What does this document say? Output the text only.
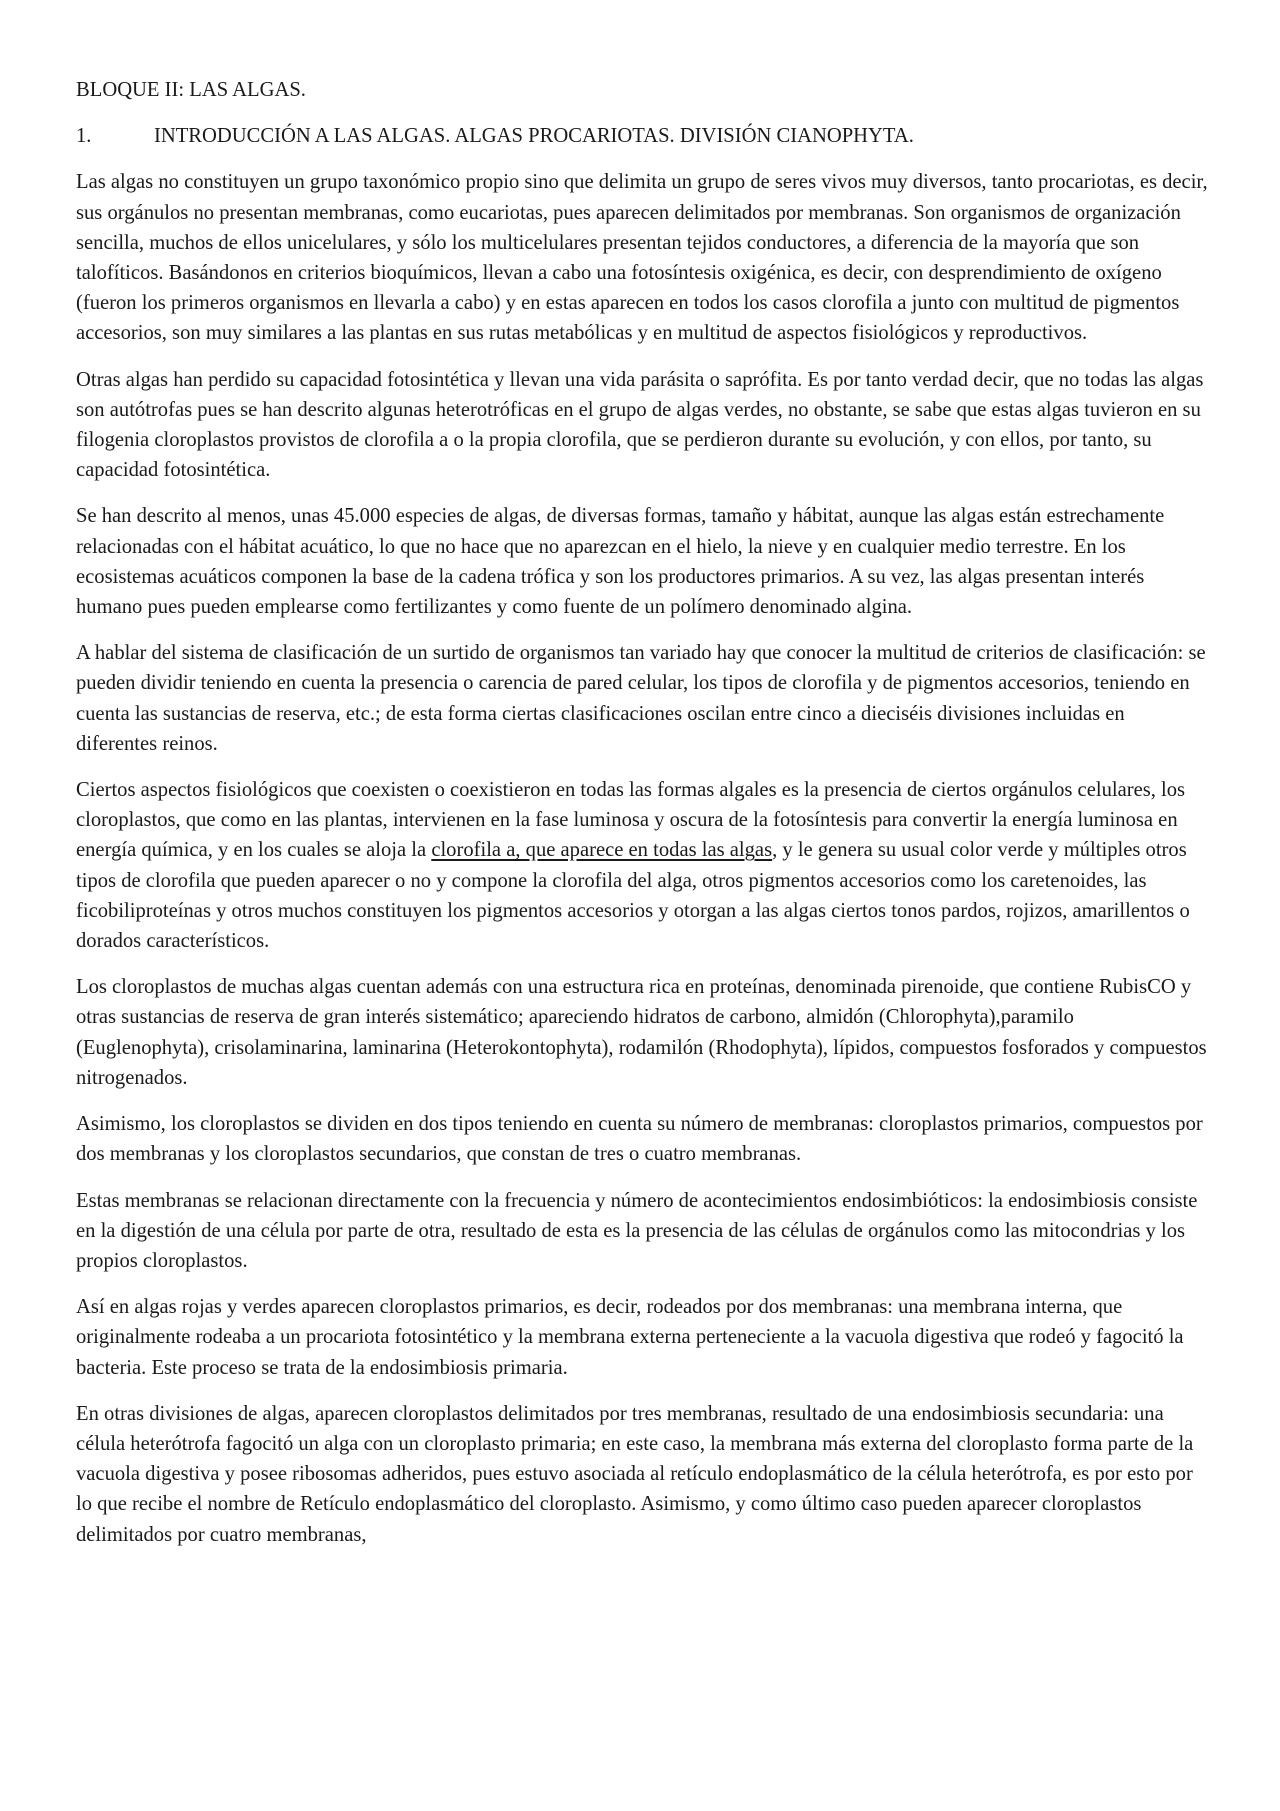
BLOQUE II: LAS ALGAS.
1.	INTRODUCCIÓN A LAS ALGAS. ALGAS PROCARIOTAS. DIVISIÓN CIANOPHYTA.

Las algas no constituyen un grupo taxonómico propio sino que delimita un grupo de seres vivos muy diversos, tanto procariotas, es decir, sus orgánulos no presentan membranas, como eucariotas, pues aparecen delimitados por membranas. Son organismos de organización sencilla, muchos de ellos unicelulares, y sólo los multicelulares presentan tejidos conductores, a diferencia de la mayoría que son talofíticos. Basándonos en criterios bioquímicos, llevan a cabo una fotosíntesis oxigénica, es decir, con desprendimiento de oxígeno (fueron los primeros organismos en llevarla a cabo) y en estas aparecen en todos los casos clorofila a junto con multitud de pigmentos accesorios, son muy similares a las plantas en sus rutas metabólicas y en multitud de aspectos fisiológicos y reproductivos.

Otras algas han perdido su capacidad fotosintética y llevan una vida parásita o saprófita. Es por tanto verdad decir, que no todas las algas son autótrofas pues se han descrito algunas heterotróficas en el grupo de algas verdes, no obstante, se sabe que estas algas tuvieron en su filogenia cloroplastos provistos de clorofila a o la propia clorofila, que se perdieron durante su evolución, y con ellos, por tanto, su capacidad fotosintética.

Se han descrito al menos, unas 45.000 especies de algas, de diversas formas, tamaño y hábitat, aunque las algas están estrechamente relacionadas con el hábitat acuático, lo que no hace que no aparezcan en el hielo, la nieve y en cualquier medio terrestre. En los ecosistemas acuáticos componen la base de la cadena trófica y son los productores primarios. A su vez, las algas presentan interés humano pues pueden emplearse como fertilizantes y como fuente de un polímero denominado algina.

A hablar del sistema de clasificación de un surtido de organismos tan variado hay que conocer la multitud de criterios de clasificación: se pueden dividir teniendo en cuenta la presencia o carencia de pared celular, los tipos de clorofila y de pigmentos accesorios, teniendo en cuenta las sustancias de reserva, etc.; de esta forma ciertas clasificaciones oscilan entre cinco a dieciséis divisiones incluidas en diferentes reinos.

Ciertos aspectos fisiológicos que coexisten o coexistieron en todas las formas algales es la presencia de ciertos orgánulos celulares, los cloroplastos, que como en las plantas, intervienen en la fase luminosa y oscura de la fotosíntesis para convertir la energía luminosa en energía química, y en los cuales se aloja la clorofila a, que aparece en todas las algas, y le genera su usual color verde y múltiples otros tipos de clorofila que pueden aparecer o no y compone la clorofila del alga, otros pigmentos accesorios como los caretenoides, las ficobiliproteínas y otros muchos constituyen los pigmentos accesorios y otorgan a las algas ciertos tonos pardos, rojizos, amarillentos o dorados característicos.

Los cloroplastos de muchas algas cuentan además con una estructura rica en proteínas, denominada pirenoide, que contiene RubisCO y otras sustancias de reserva de gran interés sistemático; apareciendo hidratos de carbono, almidón (Chlorophyta),paramilo (Euglenophyta), crisolaminarina, laminarina (Heterokontophyta), rodamilón (Rhodophyta), lípidos, compuestos fosforados y compuestos nitrogenados.

Asimismo, los cloroplastos se dividen en dos tipos teniendo en cuenta su número de membranas: cloroplastos primarios, compuestos por dos membranas y los cloroplastos secundarios, que constan de tres o cuatro membranas.

Estas membranas se relacionan directamente con la frecuencia y número de acontecimientos endosimbióticos: la endosimbiosis consiste en la digestión de una célula por parte de otra, resultado de esta es la presencia de las células de orgánulos como las mitocondrias y los propios cloroplastos.

Así en algas rojas y verdes aparecen cloroplastos primarios, es decir, rodeados por dos membranas: una membrana interna, que originalmente rodeaba a un procariota fotosintético y la membrana externa perteneciente a la vacuola digestiva que rodeó y fagocitó la bacteria. Este proceso se trata de la endosimbiosis primaria.

En otras divisiones de algas, aparecen cloroplastos delimitados por tres membranas, resultado de una endosimbiosis secundaria: una célula heterótrofa fagocitó un alga con un cloroplasto primaria; en este caso, la membrana más externa del cloroplasto forma parte de la vacuola digestiva y posee ribosomas adheridos, pues estuvo asociada al retículo endoplasmático de la célula heterótrofa, es por esto por lo que recibe el nombre de Retículo endoplasmático del cloroplasto. Asimismo, y como último caso pueden aparecer cloroplastos delimitados por cuatro membranas,
